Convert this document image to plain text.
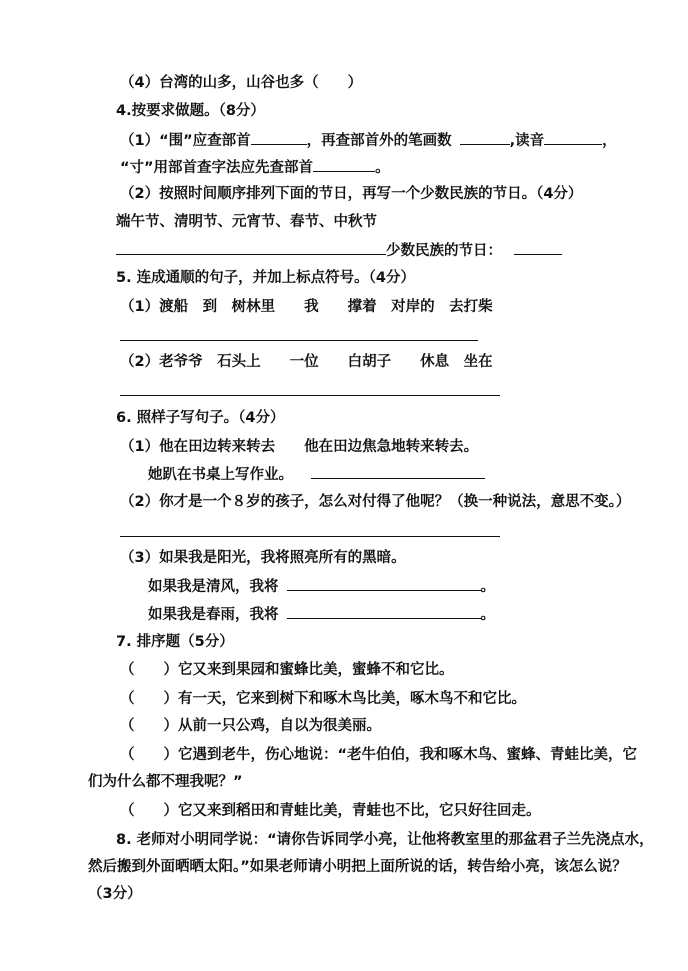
（4）台湾的山多，山谷也多（　　）
4.按要求做题。（8分）
（1）“围”应查部首	，再查部首外的笔画数	,读音	，
“寸”用部首查字法应先查部首	。
（2）按照时间顺序排列下面的节日，再写一个少数民族的节日。（4分）
端午节、清明节、元宵节、春节、中秋节
少数民族的节日：
5. 连成通顺的句子，并加上标点符号。（4分）
（1）渡船　到　树林里　　我　　撑着　对岸的　去打柴
（2）老爷爷　石头上　　一位　　白胡子　　休息　坐在
6. 照样子写句子。（4分）
（1）他在田边转来转去　　他在田边焦急地转来转去。
她趴在书桌上写作业。
（2）你才是一个８岁的孩子，怎么对付得了他呢？（换一种说法，意思不变。）
（3）如果我是阳光，我将照亮所有的黑暗。
如果我是清风，我将	。
如果我是春雨，我将	。
7. 排序题（5分）
（　　）它又来到果园和蜜蜂比美，蜜蜂不和它比。
（　　）有一天，它来到树下和啄木鸟比美，啄木鸟不和它比。
（　　）从前一只公鸡，自以为很美丽。
（　　）它遇到老牛，伤心地说：“老牛伯伯，我和啄木鸟、蜜蜂、青蛙比美，它
们为什么都不理我呢？”
（　　）它又来到稻田和青蛙比美，青蛙也不比，它只好往回走。
8. 老师对小明同学说：“请你告诉同学小亮，让他将教室里的那盆君子兰先浇点水，
然后搬到外面晒晒太阳。”如果老师请小明把上面所说的话，转告给小亮，该怎么说？
（3分）
